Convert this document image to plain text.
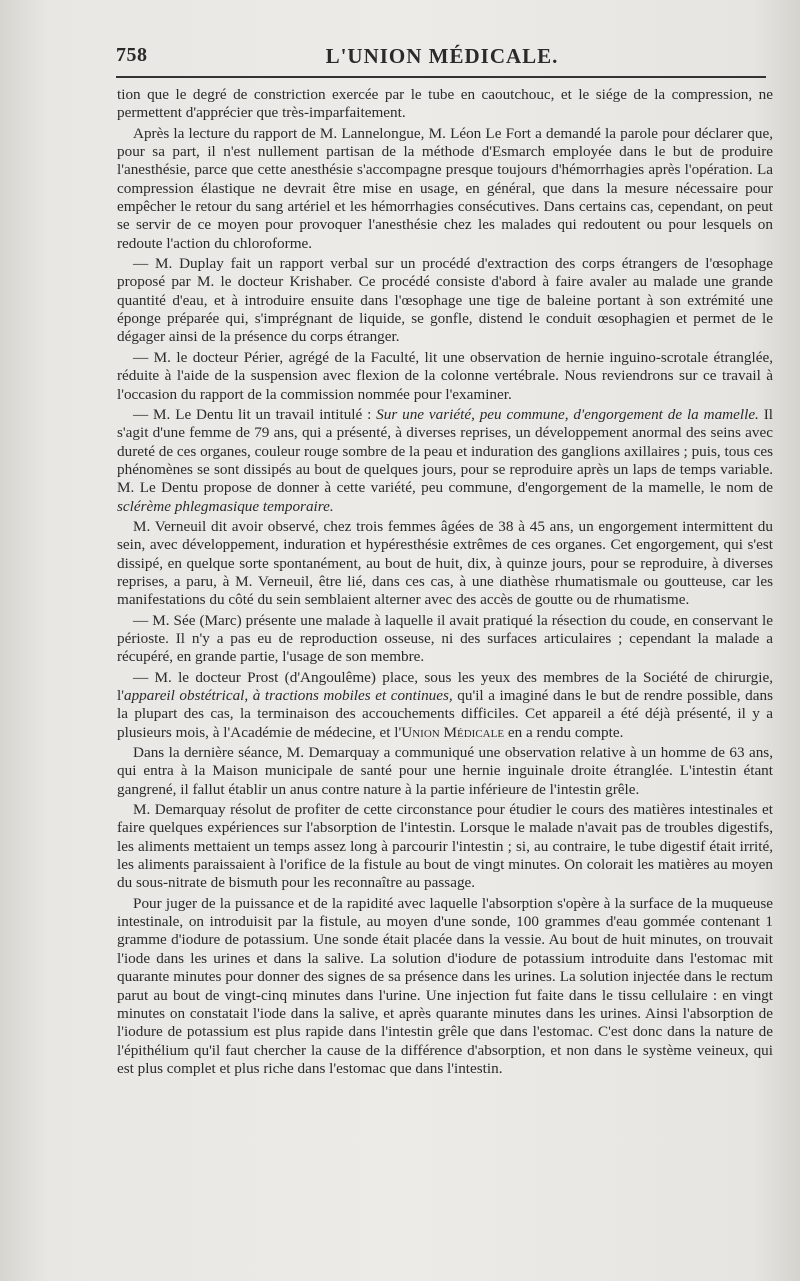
758	L'UNION MÉDICALE.

tion que le degré de constriction exercée par le tube en caoutchouc, et le siége de la compression, ne permettent d'apprécier que très-imparfaitement.

Après la lecture du rapport de M. Lannelongue, M. Léon Le Fort a demandé la parole pour déclarer que, pour sa part, il n'est nullement partisan de la méthode d'Esmarch employée dans le but de produire l'anesthésie, parce que cette anesthésie s'accompagne presque toujours d'hémorrhagies après l'opération. La compression élastique ne devrait être mise en usage, en général, que dans la mesure nécessaire pour empêcher le retour du sang artériel et les hémorrhagies consécutives. Dans certains cas, cependant, on peut se servir de ce moyen pour provoquer l'anesthésie chez les malades qui redoutent ou pour lesquels on redoute l'action du chloroforme.

— M. Duplay fait un rapport verbal sur un procédé d'extraction des corps étrangers de l'œsophage proposé par M. le docteur Krishaber. Ce procédé consiste d'abord à faire avaler au malade une grande quantité d'eau, et à introduire ensuite dans l'œsophage une tige de baleine portant à son extrémité une éponge préparée qui, s'imprégnant de liquide, se gonfle, distend le conduit œsophagien et permet de le dégager ainsi de la présence du corps étranger.

— M. le docteur Périer, agrégé de la Faculté, lit une observation de hernie inguino-scrotale étranglée, réduite à l'aide de la suspension avec flexion de la colonne vertébrale. Nous reviendrons sur ce travail à l'occasion du rapport de la commission nommée pour l'examiner.

— M. Le Dentu lit un travail intitulé : Sur une variété, peu commune, d'engorgement de la mamelle. Il s'agit d'une femme de 79 ans, qui a présenté, à diverses reprises, un développement anormal des seins avec dureté de ces organes, couleur rouge sombre de la peau et induration des ganglions axillaires ; puis, tous ces phénomènes se sont dissipés au bout de quelques jours, pour se reproduire après un laps de temps variable. M. Le Dentu propose de donner à cette variété, peu commune, d'engorgement de la mamelle, le nom de sclérème phlegmasique temporaire.

M. Verneuil dit avoir observé, chez trois femmes âgées de 38 à 45 ans, un engorgement intermittent du sein, avec développement, induration et hypéresthésie extrêmes de ces organes. Cet engorgement, qui s'est dissipé, en quelque sorte spontanément, au bout de huit, dix, à quinze jours, pour se reproduire, à diverses reprises, a paru, à M. Verneuil, être lié, dans ces cas, à une diathèse rhumatismale ou goutteuse, car les manifestations du côté du sein semblaient alterner avec des accès de goutte ou de rhumatisme.

— M. Sée (Marc) présente une malade à laquelle il avait pratiqué la résection du coude, en conservant le périoste. Il n'y a pas eu de reproduction osseuse, ni des surfaces articulaires ; cependant la malade a récupéré, en grande partie, l'usage de son membre.

— M. le docteur Prost (d'Angoulême) place, sous les yeux des membres de la Société de chirurgie, l'appareil obstétrical, à tractions mobiles et continues, qu'il a imaginé dans le but de rendre possible, dans la plupart des cas, la terminaison des accouchements difficiles. Cet appareil a été déjà présenté, il y a plusieurs mois, à l'Académie de médecine, et l'Union Médicale en a rendu compte.

Dans la dernière séance, M. Demarquay a communiqué une observation relative à un homme de 63 ans, qui entra à la Maison municipale de santé pour une hernie inguinale droite étranglée. L'intestin étant gangrené, il fallut établir un anus contre nature à la partie inférieure de l'intestin grêle.

M. Demarquay résolut de profiter de cette circonstance pour étudier le cours des matières intestinales et faire quelques expériences sur l'absorption de l'intestin. Lorsque le malade n'avait pas de troubles digestifs, les aliments mettaient un temps assez long à parcourir l'intestin ; si, au contraire, le tube digestif était irrité, les aliments paraissaient à l'orifice de la fistule au bout de vingt minutes. On colorait les matières au moyen du sous-nitrate de bismuth pour les reconnaître au passage.

Pour juger de la puissance et de la rapidité avec laquelle l'absorption s'opère à la surface de la muqueuse intestinale, on introduisit par la fistule, au moyen d'une sonde, 100 grammes d'eau gommée contenant 1 gramme d'iodure de potassium. Une sonde était placée dans la vessie. Au bout de huit minutes, on trouvait l'iode dans les urines et dans la salive. La solution d'iodure de potassium introduite dans l'estomac mit quarante minutes pour donner des signes de sa présence dans les urines. La solution injectée dans le rectum parut au bout de vingt-cinq minutes dans l'urine. Une injection fut faite dans le tissu cellulaire : en vingt minutes on constatait l'iode dans la salive, et après quarante minutes dans les urines. Ainsi l'absorption de l'iodure de potassium est plus rapide dans l'intestin grêle que dans l'estomac. C'est donc dans la nature de l'épithélium qu'il faut chercher la cause de la différence d'absorption, et non dans le système veineux, qui est plus complet et plus riche dans l'estomac que dans l'intestin.
